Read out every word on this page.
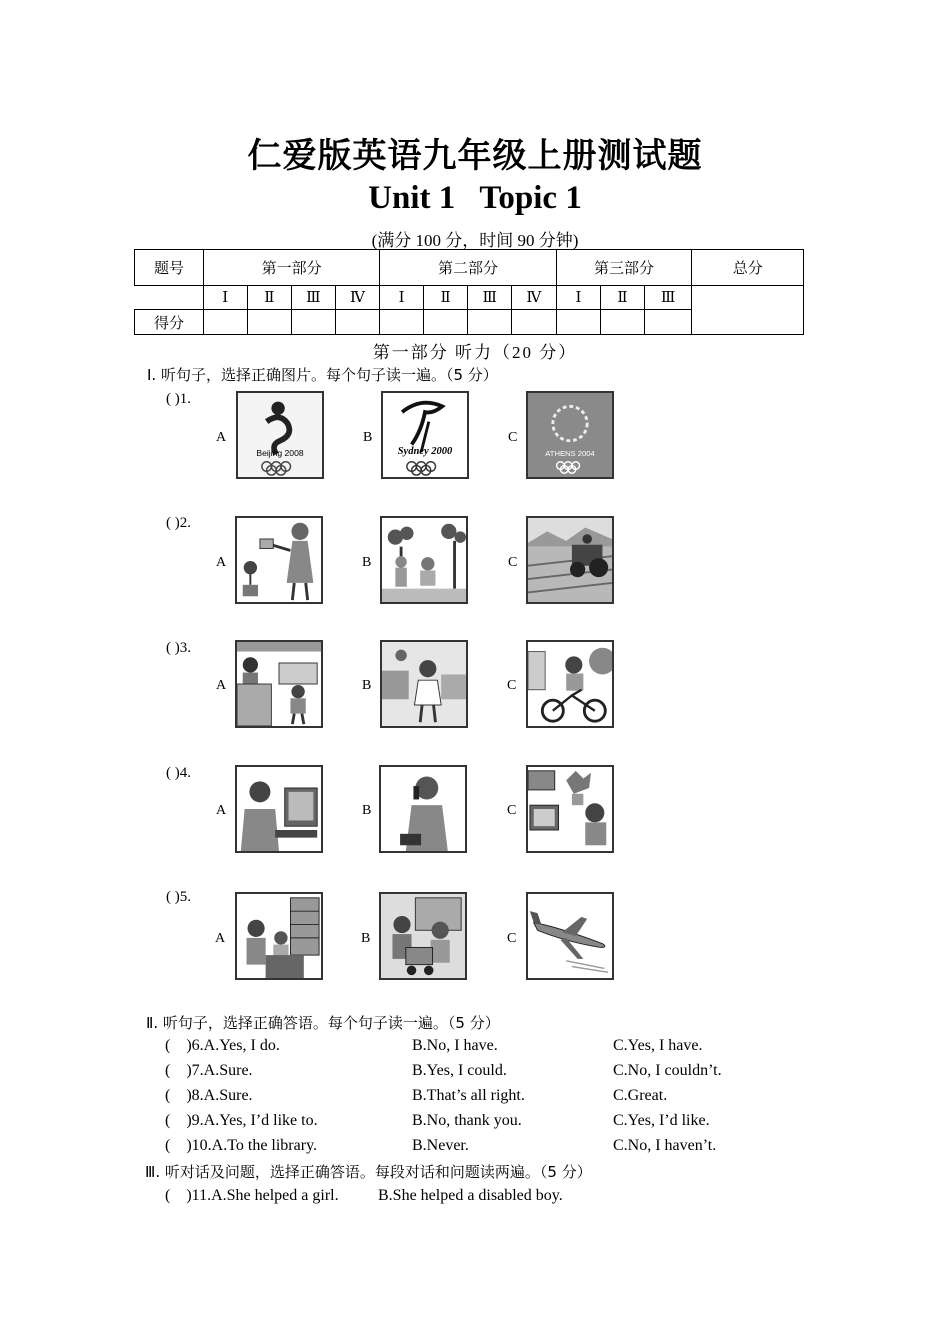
仁爱版英语九年级上册测试题
Unit 1   Topic 1
(满分 100 分，时间 90 分钟)
题号	第一部分				第二部分				第三部分			总分
	Ⅰ	Ⅱ	Ⅲ	Ⅳ	Ⅰ	Ⅱ	Ⅲ	Ⅳ	Ⅰ	Ⅱ	Ⅲ	
得分												
第一部分 听力（20 分）
Ⅰ. 听句子，选择正确图片。每个句子读一遍。（5 分）
( )1.
A
Beijing 2008
B
Sydney 2000
C
ATHENS 2004
( )2.
A	B	C
( )3.
A	B	C
( )4.
A	B	C
( )5.
A	B	C
Ⅱ. 听句子，选择正确答语。每个句子读一遍。（5 分）
(    )6.A.Yes, I do.	B.No, I have.	C.Yes, I have.
(    )7.A.Sure.	B.Yes, I could.	C.No, I couldn’t.
(    )8.A.Sure.	B.That’s all right.	C.Great.
(    )9.A.Yes, I’d like to.	B.No, thank you.	C.Yes, I’d like.
(    )10.A.To the library.	B.Never.	C.No, I haven’t.
Ⅲ. 听对话及问题，选择正确答语。每段对话和问题读两遍。（5 分）
(    )11.A.She helped a girl. B.She helped a disabled boy.
